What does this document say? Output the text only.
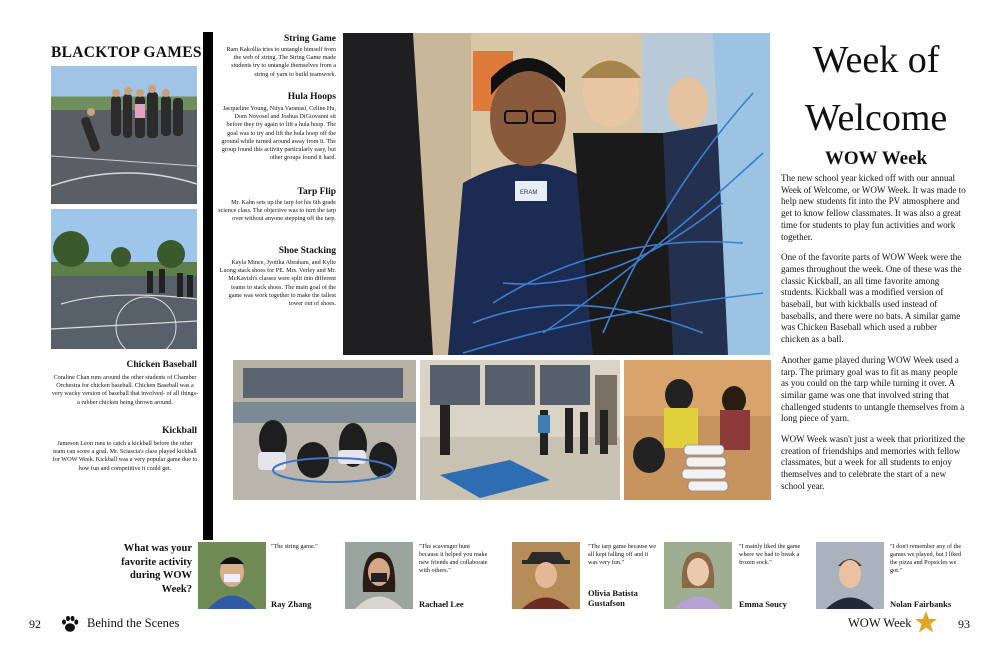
BLACKTOP GAMES
Chicken Baseball
Coraline Chan runs around the other students of Chamber Orchestra for chicken baseball. Chicken Baseball was a very wacky version of baseball that involved- of all things- a rubber chicken being thrown around.
Kickball
Jameson Leon runs to catch a kickball before the other team can score a goal. Mr. Sciascia's class played kickball for WOW Week. Kickball was a very popular game due to how fun and competitive it could get.
String Game
Ram Kakollia tries to untangle himself from the web of string. The String Game made students try to untangle themselves from a string of yarn to build teamwork.
Hula Hoops
Jacqueline Young, Nitya Varanasi, Celine Hu, Dom Novosel and Joshua DiGiovanni sit before they try again to lift a hula hoop. The goal was to try and lift the hula hoop off the ground while turned around away from it. The group found this activity particularly easy, but other groups found it hard.
Tarp Flip
Mr. Kahn sets up the tarp for his 6th grade science class. The objective was to turn the tarp over without anyone stepping off the tarp.
Shoe Stacking
Kayla Mince, Jyotika Abraham, and Kylie Luong stack shoes for PE. Mrs. Verley and Mr. McKavish's classes were split into different teams to stack shoes. The main goal of the game was work together to make the tallest tower out of shoes.
ERAM
What was your favorite activity during WOW Week?
"The string game."
Ray Zhang
"The scavenger hunt because it helped you make new friends and collaborate with others."
Rachael Lee
"The tarp game because we all kept falling off and it was very fun."
Olivia Batista Gustafson
"I mainly liked the game where we had to break a frozen sock."
Emma Soucy
"I don't remember any of the games we played, but I liked the pizza and Popsicles we got."
Nolan Fairbanks
92	Behind the Scenes
Week of
Welcome
WOW Week

The new school year kicked off with our annual Week of Welcome, or WOW Week. It was made to help new students fit into the PV atmosphere and get to know fellow classmates. It was also a great time for students to play fun activities and work together.

One of the favorite parts of WOW Week were the games throughout the week. One of these was the classic Kickball, an all time favorite among students. Kickball was a modified version of baseball, but with kickballs used instead of baseballs, and there were no bats. A similar game was Chicken Baseball which used a rubber chicken as a ball.

Another game played during WOW Week used a tarp. The primary goal was to fit as many people as you could on the tarp while turning it over. A similar game was one that involved string that challenged students to untangle themselves from a long piece of yarn.

WOW Week wasn't just a week that prioritized the creation of friendships and memories with fellow classmates, but a week for all students to enjoy themselves and to celebrate the start of a new school year.

WOW Week	93
